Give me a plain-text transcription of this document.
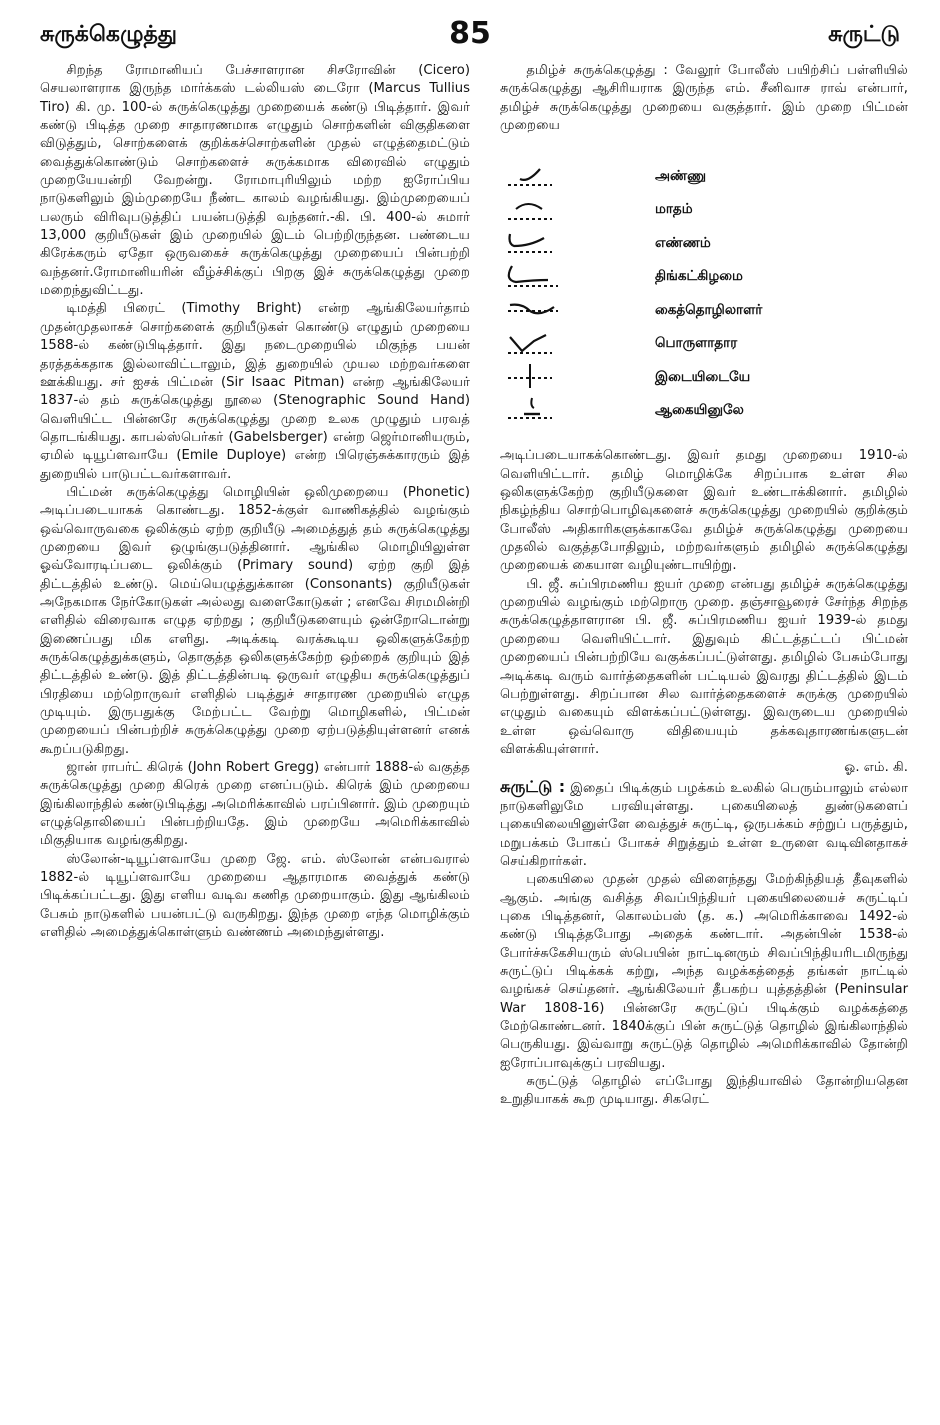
சுருக்கெழுத்து	85	சுருட்டு

சிறந்த ரோமானியப் பேச்சாளரான சிசரோவின் (Cicero) செயலாளராக இருந்த மார்க்கஸ் டல்லியஸ் டைரோ (Marcus Tullius Tiro) கி. மு. 100-ல் சுருக்கெழுத்து முறையைக் கண்டு பிடித்தார். இவர் கண்டு பிடித்த முறை சாதாரணமாக எழுதும் சொற்களின் விகுதிகளை விடுத்தும், சொற்களைக் குறிக்கச்சொற்களின் முதல் எழுத்தைமட்டும் வைத்துக்கொண்டும் சொற்களைச் சுருக்கமாக விரைவில் எழுதும் முறையேயன்றி வேறன்று. ரோமாபுரியிலும் மற்ற ஐரோப்பிய நாடுகளிலும் இம்முறையே நீண்ட காலம் வழங்கியது. இம்முறையைப் பலரும் விரிவுபடுத்திப் பயன்படுத்தி வந்தனர்.-கி. பி. 400-ல் சுமார் 13,000 குறியீடுகள் இம் முறையில் இடம் பெற்றிருந்தன. பண்டைய கிரேக்கரும் ஏதோ ஒருவகைச் சுருக்கெழுத்து முறையைப் பின்பற்றி வந்தனர்.ரோமானியரின் வீழ்ச்சிக்குப் பிறகு இச் சுருக்கெழுத்து முறை மறைந்துவிட்டது.

டிமத்தி பிரைட் (Timothy Bright) என்ற ஆங்கிலேயர்தாம் முதன்முதலாகச் சொற்களைக் குறியீடுகள் கொண்டு எழுதும் முறையை 1588-ல் கண்டுபிடித்தார். இது நடைமுறையில் மிகுந்த பயன் தரத்தக்கதாக இல்லாவிட்டாலும், இத் துறையில் முயல மற்றவர்களை ஊக்கியது. சர் ஐசக் பிட்மன் (Sir Isaac Pitman) என்ற ஆங்கிலேயர் 1837-ல் தம் சுருக்கெழுத்து நூலை (Stenographic Sound Hand) வெளியிட்ட பின்னரே சுருக்கெழுத்து முறை உலக முழுதும் பரவத் தொடங்கியது. காபல்ஸ்பெர்கர் (Gabelsberger) என்ற ஜெர்மானியரும், ஏமில் டியூப்ளவாயே (Emile Duploye) என்ற பிரெஞ்சுக்காரரும் இத் துறையில் பாடுபட்டவர்களாவர்.

பிட்மன் சுருக்கெழுத்து மொழியின் ஒலிமுறையை (Phonetic) அடிப்படையாகக் கொண்டது. 1852-க்குள் வாணிகத்தில் வழங்கும் ஒவ்வொருவகை ஒலிக்கும் ஏற்ற குறியீடு அமைத்துத் தம் சுருக்கெழுத்து முறையை இவர் ஒழுங்குபடுத்தினார். ஆங்கில மொழியிலுள்ள ஓவ்வோரடிப்படை ஒலிக்கும் (Primary sound) ஏற்ற குறி இத் திட்டத்தில் உண்டு. மெய்யெழுத்துக்கான (Consonants) குறியீடுகள் அநேகமாக நேர்கோடுகள் அல்லது வளைகோடுகள் ; எனவே சிரமமின்றி எளிதில் விரைவாக எழுத ஏற்றது ; குறியீடுகளையும் ஒன்றோடொன்று இணைப்பது மிக எளிது. அடிக்கடி வரக்கூடிய ஒலிகளுக்கேற்ற சுருக்கெழுத்துக்களும், தொகுத்த ஒலிகளுக்கேற்ற ஒற்றைக் குறியும் இத் திட்டத்தில் உண்டு. இத் திட்டத்தின்படி ஒருவர் எழுதிய சுருக்கெழுத்துப் பிரதியை மற்றொருவர் எளிதில் படித்துச் சாதாரண முறையில் எழுத முடியும். இருபதுக்கு மேற்பட்ட வேற்று மொழிகளில், பிட்மன் முறையைப் பின்பற்றிச் சுருக்கெழுத்து முறை ஏற்படுத்தியுள்ளனர் எனக் கூறப்படுகிறது.

ஜான் ராபர்ட் கிரெக் (John Robert Gregg) என்பார் 1888-ல் வகுத்த சுருக்கெழுத்து முறை கிரெக் முறை எனப்படும். கிரெக் இம் முறையை இங்கிலாந்தில் கண்டுபிடித்து அமெரிக்காவில் பரப்பினார். இம் முறையும் எழுத்தொலியைப் பின்பற்றியதே. இம் முறையே அமெரிக்காவில் மிகுதியாக வழங்குகிறது.

ஸ்லோன்-டியூப்ளவாயே முறை ஜே. எம். ஸ்லோன் என்பவரால் 1882-ல் டியூப்ளவாயே முறையை ஆதாரமாக வைத்துக் கண்டு பிடிக்கப்பட்டது. இது எளிய வடிவ கணித முறையாகும். இது ஆங்கிலம் பேசும் நாடுகளில் பயன்பட்டு வருகிறது. இந்த முறை எந்த மொழிக்கும் எளிதில் அமைத்துக்கொள்ளும் வண்ணம் அமைந்துள்ளது.

தமிழ்ச் சுருக்கெழுத்து : வேலூர் போலீஸ் பயிற்சிப் பள்ளியில் சுருக்கெழுத்து ஆசிரியராக இருந்த எம். சீனிவாச ராவ் என்பார், தமிழ்ச் சுருக்கெழுத்து முறையை வகுத்தார். இம் முறை பிட்மன் முறையை

அண்ணு
மாதம்
எண்ணம்
திங்கட்கிழமை
கைத்தொழிலாளர்
பொருளாதார
இடையிடையே
ஆகையினுலே

அடிப்படையாகக்கொண்டது. இவர் தமது முறையை 1910-ல் வெளியிட்டார். தமிழ் மொழிக்கே சிறப்பாக உள்ள சில ஒலிகளுக்கேற்ற குறியீடுகளை இவர் உண்டாக்கினார். தமிழில் நிகழ்ந்திய சொற்பொழிவுகளைச் சுருக்கெழுத்து முறையில் குறிக்கும் போலீஸ் அதிகாரிகளுக்காகவே தமிழ்ச் சுருக்கெழுத்து முறையை முதலில் வகுத்தபோதிலும், மற்றவர்களும் தமிழில் சுருக்கெழுத்து முறையைக் கையாள வழியுண்டாயிற்று.

பி. ஜீ. சுப்பிரமணிய ஐயர் முறை என்பது தமிழ்ச் சுருக்கெழுத்து முறையில் வழங்கும் மற்றொரு முறை. தஞ்சாவூரைச் சேர்ந்த சிறந்த சுருக்கெழுத்தாளரான பி. ஜீ. சுப்பிரமணிய ஐயர் 1939-ல் தமது முறையை வெளியிட்டார். இதுவும் கிட்டத்தட்டப் பிட்மன் முறையைப் பின்பற்றியே வகுக்கப்பட்டுள்ளது. தமிழில் பேசும்போது அடிக்கடி வரும் வார்த்தைகளின் பட்டியல் இவரது திட்டத்தில் இடம் பெற்றுள்ளது. சிறப்பான சில வார்த்தைகளைச் சுருக்கு முறையில் எழுதும் வகையும் விளக்கப்பட்டுள்ளது. இவருடைய முறையில் உள்ள ஒவ்வொரு விதியையும் தக்கவுதாரணங்களுடன் விளக்கியுள்ளார்.

ஓ. எம். கி.

சுருட்டு : இதைப் பிடிக்கும் பழக்கம் உலகில் பெரும்பாலும் எல்லா நாடுகளிலுமே பரவியுள்ளது. புகையிலைத் துண்டுகளைப் புகையிலையினுள்ளே வைத்துச் சுருட்டி, ஒருபக்கம் சற்றுப் பருத்தும், மறுபக்கம் போகப் போகச் சிறுத்தும் உள்ள உருளை வடிவினதாகச் செய்கிறார்கள்.

புகையிலை முதன் முதல் விளைந்தது மேற்கிந்தியத் தீவுகளில் ஆகும். அங்கு வசித்த சிவப்பிந்தியர் புகையிலையைச் சுருட்டிப் புகை பிடித்தனர், கொலம்பஸ் (த. க.) அமெரிக்காவை 1492-ல் கண்டு பிடித்தபோது அதைக் கண்டார். அதன்பின் 1538-ல் போர்ச்சுகேசியரும் ஸ்பெயின் நாட்டினரும் சிவப்பிந்தியரிடமிருந்து சுருட்டுப் பிடிக்கக் கற்று, அந்த வழக்கத்தைத் தங்கள் நாட்டில் வழங்கச் செய்தனர். ஆங்கிலேயர் தீபகற்ப யுத்தத்தின் (Peninsular War 1808-16) பின்னரே சுருட்டுப் பிடிக்கும் வழக்கத்தை மேற்கொண்டனர். 1840க்குப் பின் சுருட்டுத் தொழில் இங்கிலாந்தில் பெருகியது. இவ்வாறு சுருட்டுத் தொழில் அமெரிக்காவில் தோன்றி ஐரோப்பாவுக்குப் பரவியது.

சுருட்டுத் தொழில் எப்போது இந்தியாவில் தோன்றியதென உறுதியாகக் கூற முடியாது. சிகரெட்
